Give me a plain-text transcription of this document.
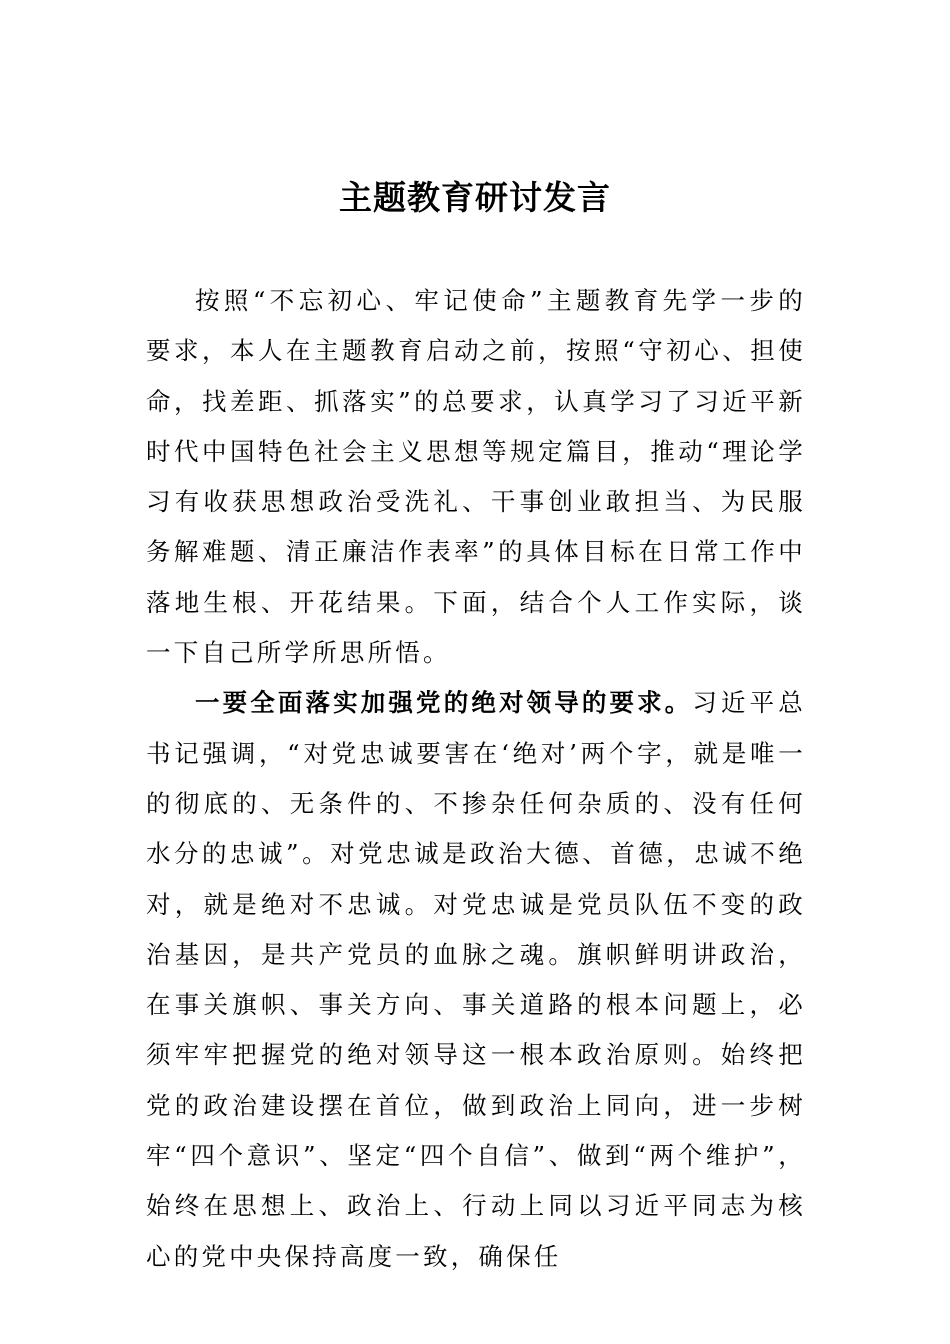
主题教育研讨发言

按照“不忘初心、牢记使命”主题教育先学一步的要求，本人在主题教育启动之前，按照“守初心、担使命，找差距、抓落实”的总要求，认真学习了习近平新时代中国特色社会主义思想等规定篇目，推动“理论学习有收获思想政治受洗礼、干事创业敢担当、为民服务解难题、清正廉洁作表率”的具体目标在日常工作中落地生根、开花结果。下面，结合个人工作实际，谈一下自己所学所思所悟。

一要全面落实加强党的绝对领导的要求。习近平总书记强调，“对党忠诚要害在‘绝对’两个字，就是唯一的彻底的、无条件的、不掺杂任何杂质的、没有任何水分的忠诚”。对党忠诚是政治大德、首德，忠诚不绝对，就是绝对不忠诚。对党忠诚是党员队伍不变的政治基因，是共产党员的血脉之魂。旗帜鲜明讲政治，在事关旗帜、事关方向、事关道路的根本问题上，必须牢牢把握党的绝对领导这一根本政治原则。始终把党的政治建设摆在首位，做到政治上同向，进一步树牢“四个意识”、坚定“四个自信”、做到“两个维护”，始终在思想上、政治上、行动上同以习近平同志为核心的党中央保持高度一致，确保任
